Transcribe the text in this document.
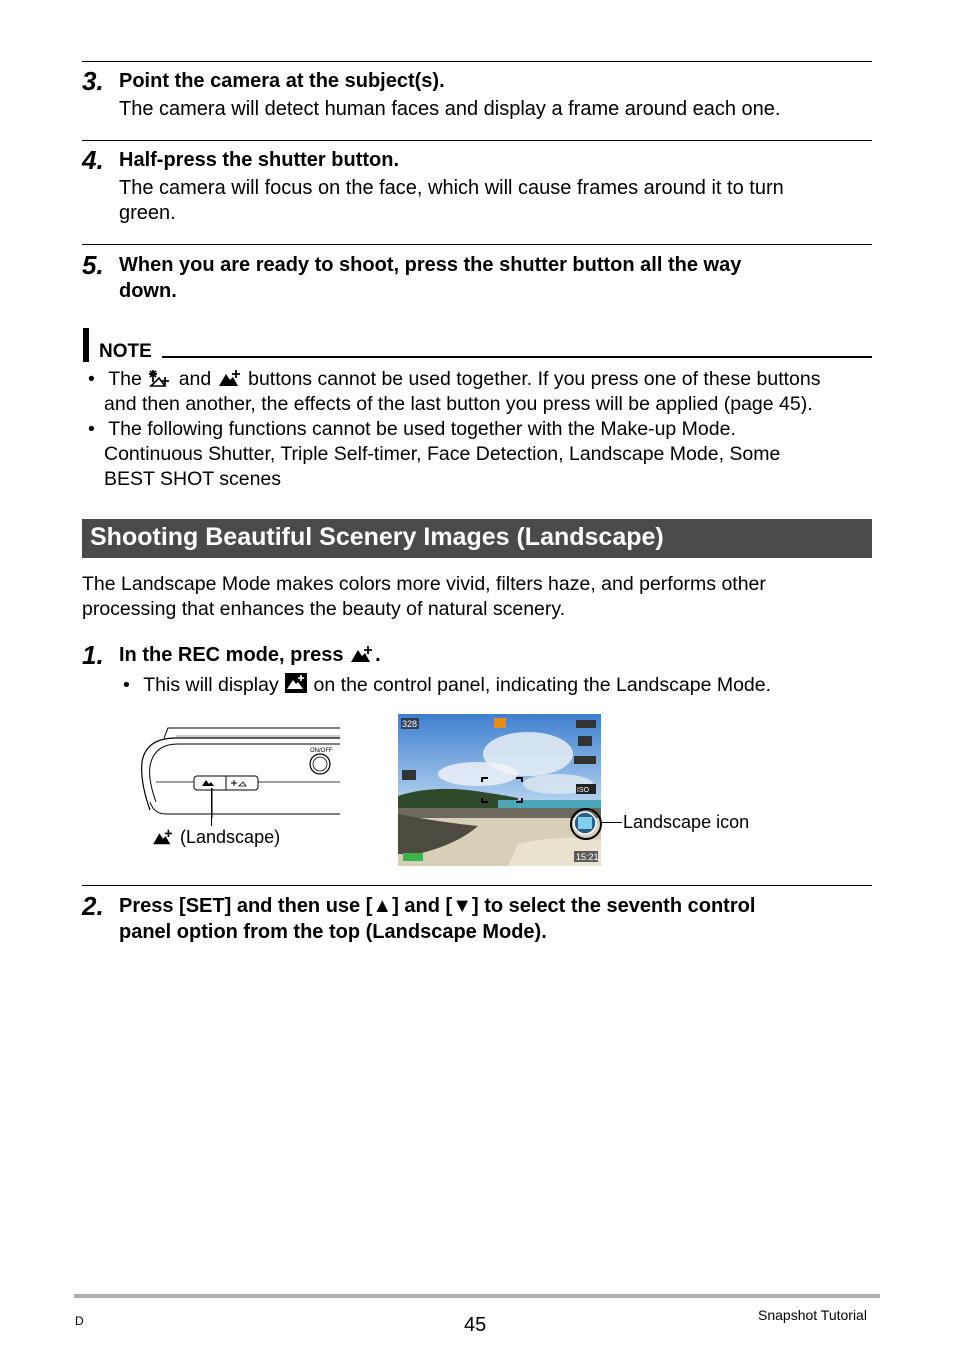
3. Point the camera at the subject(s).
The camera will detect human faces and display a frame around each one.
4. Half-press the shutter button.
The camera will focus on the face, which will cause frames around it to turn
green.
5. When you are ready to shoot, press the shutter button all the way
down.
NOTE
• The and buttons cannot be used together. If you press one of these buttons
and then another, the effects of the last button you press will be applied (page 45).
• The following functions cannot be used together with the Make-up Mode.
Continuous Shutter, Triple Self-timer, Face Detection, Landscape Mode, Some
BEST SHOT scenes
Shooting Beautiful Scenery Images (Landscape)
The Landscape Mode makes colors more vivid, filters haze, and performs other
processing that enhances the beauty of natural scenery.
1. In the REC mode, press .
• This will display on the control panel, indicating the Landscape Mode.
ON/OFF
(Landscape)
328
ISO
15:21
Landscape icon
2. Press [SET] and then use [▲] and [▼] to select the seventh control
panel option from the top (Landscape Mode).
D	45	Snapshot Tutorial
